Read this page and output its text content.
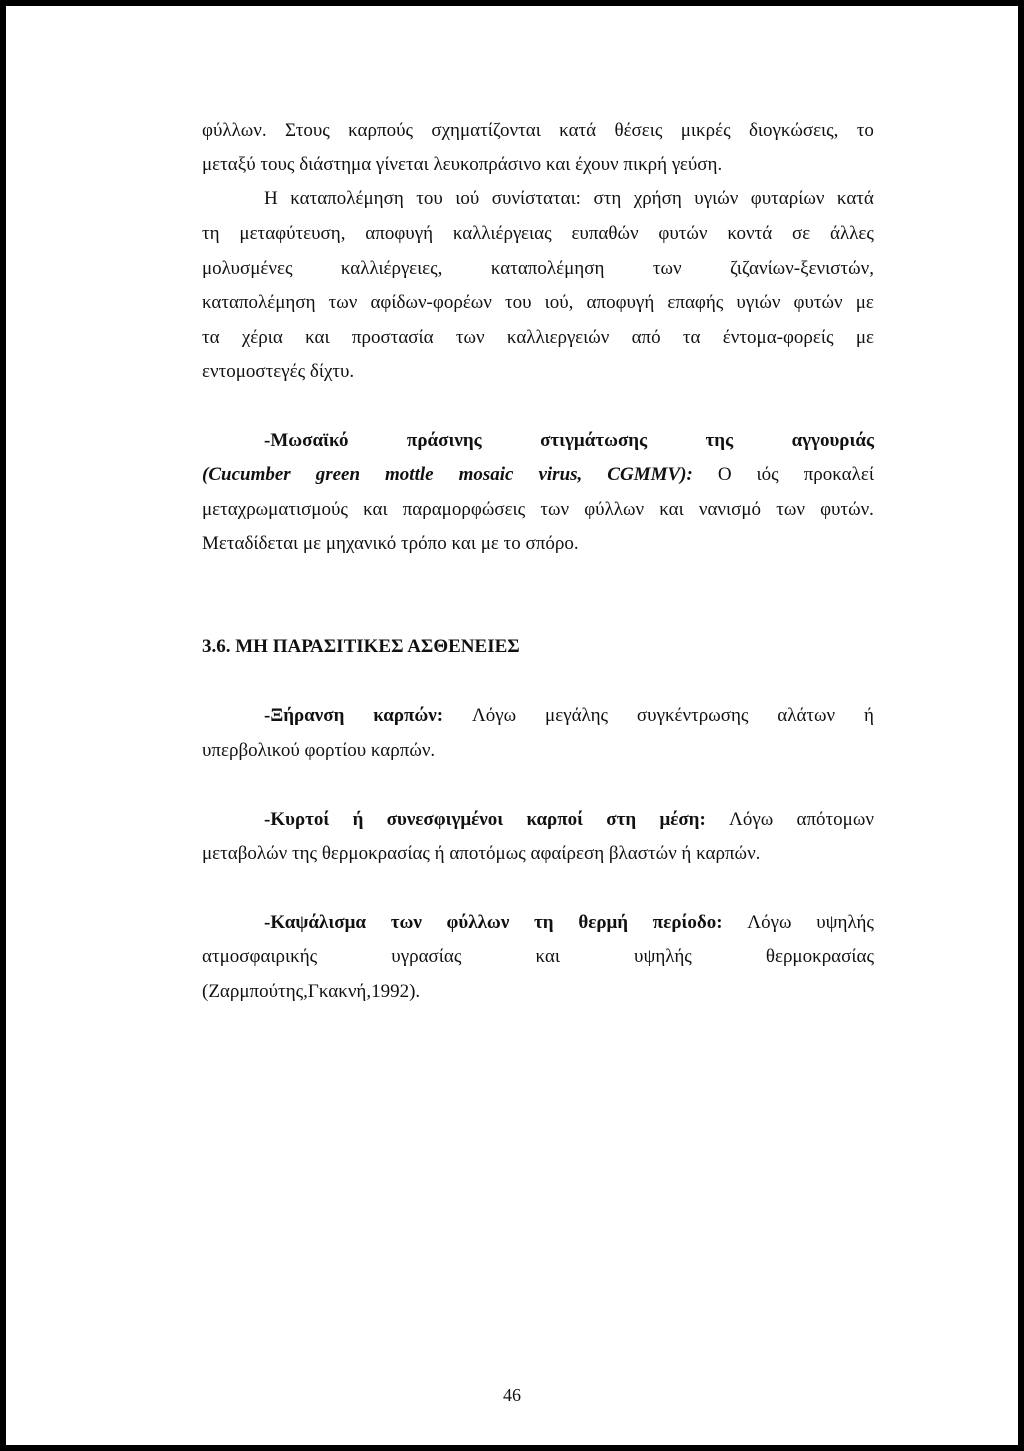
φύλλων. Στους καρπούς σχηματίζονται κατά θέσεις μικρές διογκώσεις, το
μεταξύ τους διάστημα γίνεται λευκοπράσινο και έχουν πικρή γεύση.
Η καταπολέμηση του ιού συνίσταται: στη χρήση υγιών φυταρίων κατά
τη μεταφύτευση, αποφυγή καλλιέργειας ευπαθών φυτών κοντά σε άλλες
μολυσμένες	καλλιέργειες,	καταπολέμηση	των	ζιζανίων-ξενιστών,
καταπολέμηση των αφίδων-φορέων του ιού, αποφυγή επαφής υγιών φυτών με
τα χέρια και προστασία των καλλιεργειών από τα έντομα-φορείς με
εντομοστεγές δίχτυ.
-Μωσαϊκό	πράσινης	στιγμάτωσης	της	αγγουριάς
(Cucumber green mottle mosaic virus, CGMMV): Ο ιός προκαλεί
μεταχρωματισμούς και παραμορφώσεις των φύλλων και νανισμό των φυτών.
Μεταδίδεται με μηχανικό τρόπο και με το σπόρο.
3.6. ΜΗ ΠΑΡΑΣΙΤΙΚΕΣ ΑΣΘΕΝΕΙΕΣ
-Ξήρανση καρπών: Λόγω μεγάλης συγκέντρωσης αλάτων ή
υπερβολικού φορτίου καρπών.
-Κυρτοί ή συνεσφιγμένοι καρποί στη μέση: Λόγω απότομων
μεταβολών της θερμοκρασίας ή αποτόμως αφαίρεση βλαστών ή καρπών.
-Καψάλισμα των φύλλων τη θερμή περίοδο: Λόγω υψηλής
ατμοσφαιρικής	υγρασίας	και	υψηλής	θερμοκρασίας
(Ζαρμπούτης,Γκακνή,1992).
46
